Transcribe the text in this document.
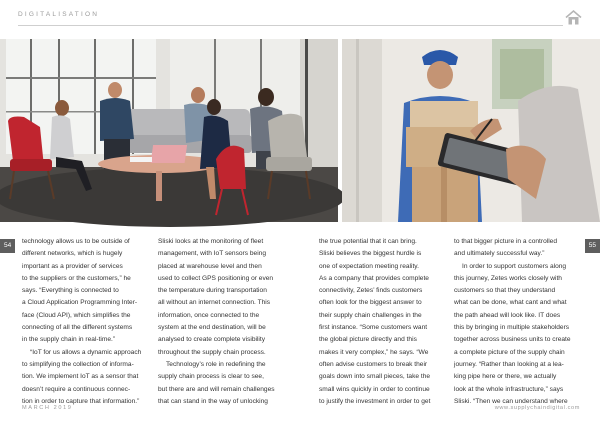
DIGITALISATION
54	55

technology allows us to be outside of
different networks, which is hugely
important as a provider of services
to the suppliers or the customers,” he
says. “Everything is connected to
a Cloud Application Programming Inter-
face (Cloud API), which simplifies the
connecting of all the different systems
in the supply chain in real-time.”

“IoT for us allows a dynamic approach
to simplifying the collection of informa-
tion. We implement IoT as a sensor that
doesn’t require a continuous connec-
tion in order to capture that information.”

Sliski looks at the monitoring of fleet
management, with IoT sensors being
placed at warehouse level and then
used to collect GPS positioning or even
the temperature during transportation
all without an internet connection. This
information, once connected to the
system at the end destination, will be
analysed to create complete visibility
throughout the supply chain process.

Technology’s role in redefining the
supply chain process is clear to see,
but there are and will remain challenges
that can stand in the way of unlocking

the true potential that it can bring.
Sliski believes the biggest hurdle is
one of expectation meeting reality.
As a company that provides complete
connectivity, Zetes’ finds customers
often look for the biggest answer to
their supply chain challenges in the
first instance. “Some customers want
the global picture directly and this
makes it very complex,” he says. “We
often advise customers to break their
goals down into small pieces, take the
small wins quickly in order to continue
to justify the investment in order to get

to that bigger picture in a controlled
and ultimately successful way.”

In order to support customers along
this journey, Zetes works closely with
customers so that they understand
what can be done, what cant and what
the path ahead will look like. IT does
this by bringing in multiple stakeholders
together across business units to create
a complete picture of the supply chain
journey. “Rather than looking at a lea-
king pipe here or there, we actually
look at the whole infrastructure,” says
Sliski. “Then we can understand where

MARCH 2019	www.supplychaindigital.com
